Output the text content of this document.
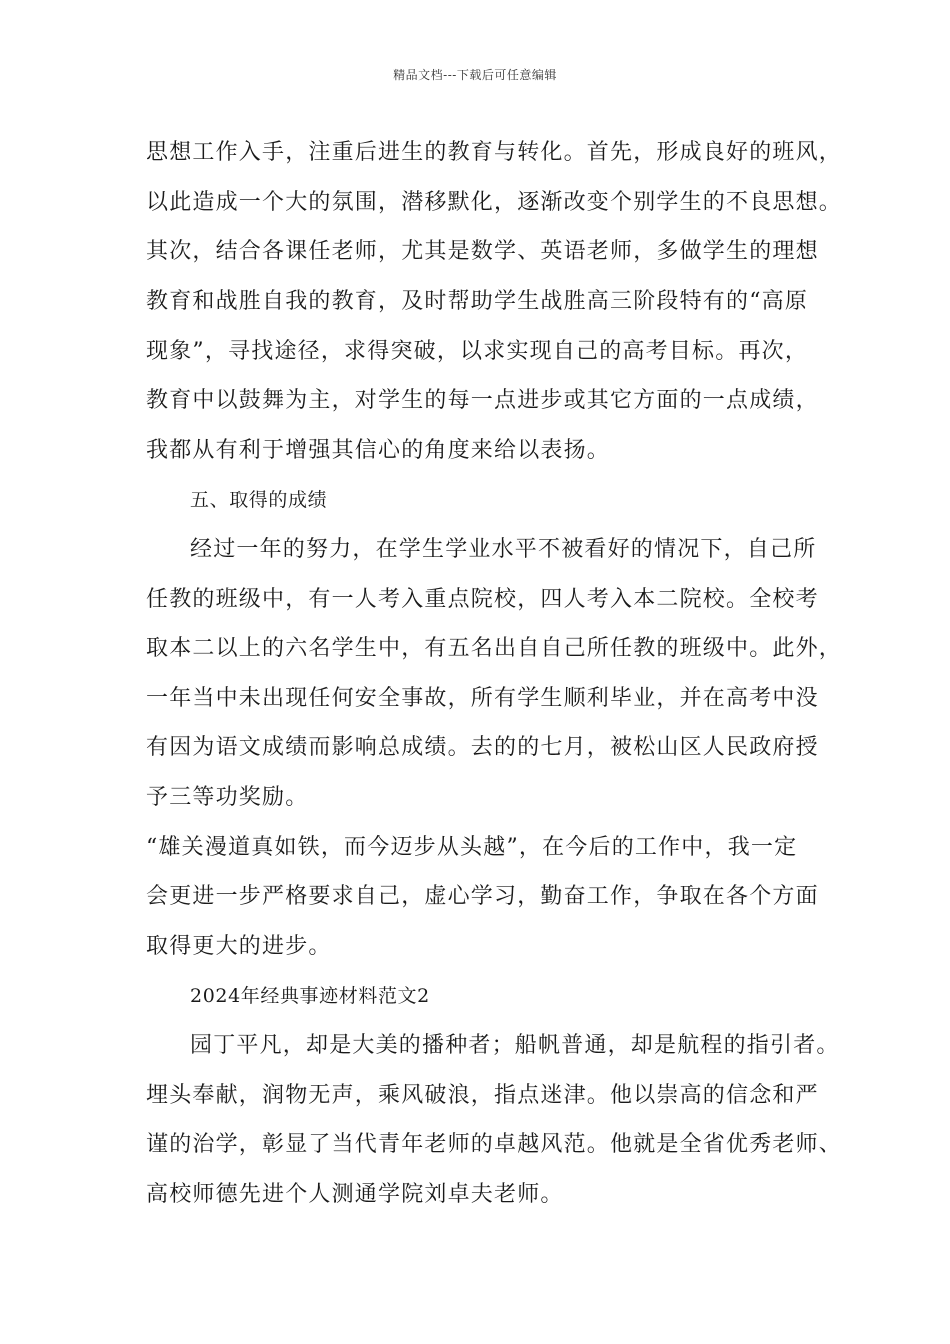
精品文档---下载后可任意编辑
思想工作入手，注重后进生的教育与转化。首先，形成良好的班风，
以此造成一个大的氛围，潜移默化，逐渐改变个别学生的不良思想。
其次，结合各课任老师，尤其是数学、英语老师，多做学生的理想
教育和战胜自我的教育，及时帮助学生战胜高三阶段特有的“高原
现象”，寻找途径，求得突破，以求实现自己的高考目标。再次，
教育中以鼓舞为主，对学生的每一点进步或其它方面的一点成绩，
我都从有利于增强其信心的角度来给以表扬。
五、取得的成绩
经过一年的努力，在学生学业水平不被看好的情况下，自己所
任教的班级中，有一人考入重点院校，四人考入本二院校。全校考
取本二以上的六名学生中，有五名出自自己所任教的班级中。此外，
一年当中未出现任何安全事故，所有学生顺利毕业，并在高考中没
有因为语文成绩而影响总成绩。去的的七月，被松山区人民政府授
予三等功奖励。
“雄关漫道真如铁，而今迈步从头越”，在今后的工作中，我一定
会更进一步严格要求自己，虚心学习，勤奋工作，争取在各个方面
取得更大的进步。
2024年经典事迹材料范文2
园丁平凡，却是大美的播种者；船帆普通，却是航程的指引者。
埋头奉献，润物无声，乘风破浪，指点迷津。他以崇高的信念和严
谨的治学，彰显了当代青年老师的卓越风范。他就是全省优秀老师、
高校师德先进个人测通学院刘卓夫老师。
